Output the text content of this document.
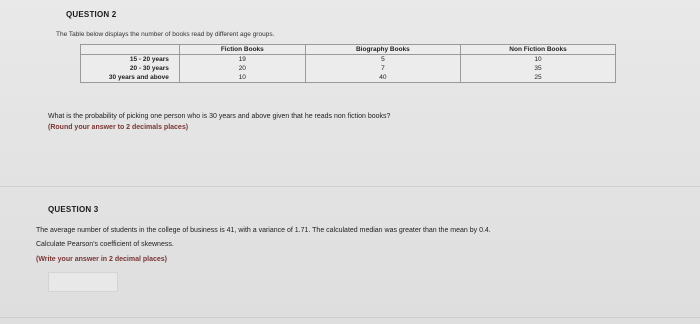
QUESTION 2
The Table below displays the number of books read by different age groups.
	Fiction Books	Biography Books	Non Fiction Books
15 - 20 years	19	5	10
20 - 30 years	20	7	35
30 years and above	10	40	25
What is the probability of picking one person who is 30 years and above given that he reads non fiction books?
(Round your answer to 2 decimals places)
QUESTION 3
The average number of students in the college of business is 41, with a variance of 1.71. The calculated median was greater than the mean by 0.4.
Calculate Pearson's coefficient of skewness.
(Write your answer in 2 decimal places)
